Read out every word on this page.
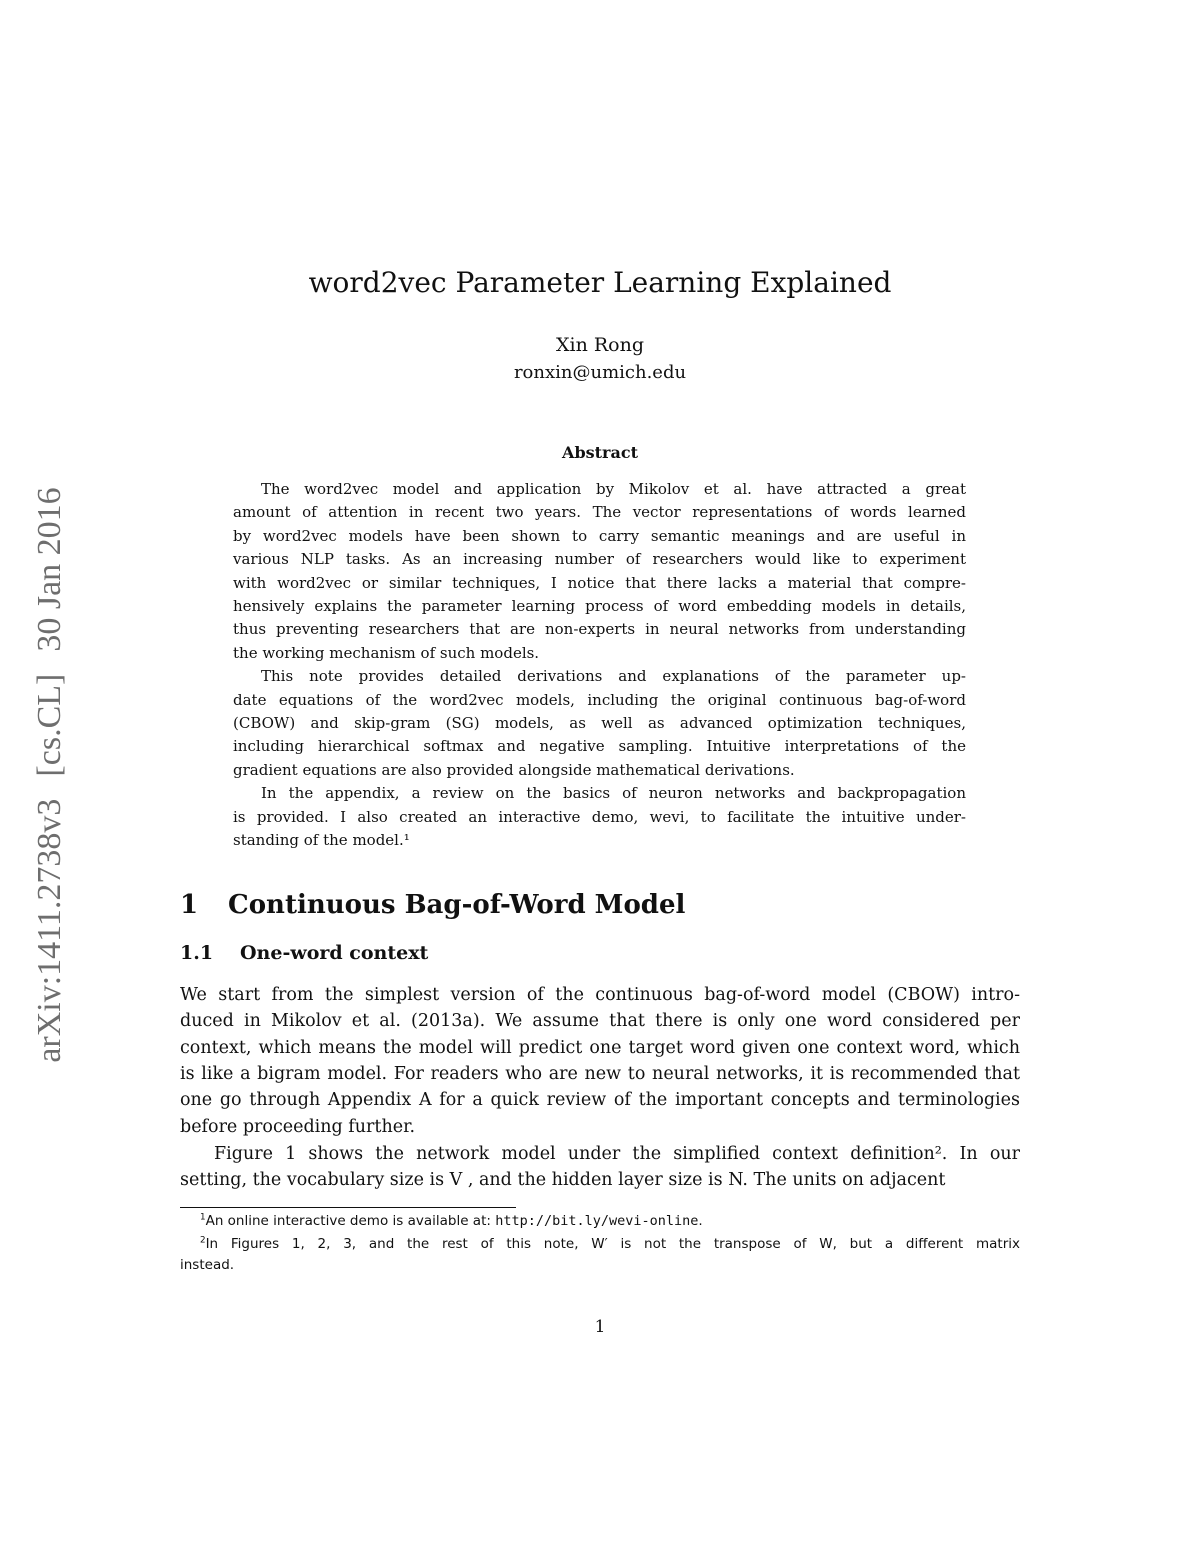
arXiv:1411.2738v3[cs.CL]30 Jan 2016
word2vec Parameter Learning Explained
Xin Rong
ronxin@umich.edu
Abstract
The word2vec model and application by Mikolov et al. have attracted a great
amount of attention in recent two years. The vector representations of words learned
by word2vec models have been shown to carry semantic meanings and are useful in
various NLP tasks. As an increasing number of researchers would like to experiment
with word2vec or similar techniques, I notice that there lacks a material that compre-
hensively explains the parameter learning process of word embedding models in details,
thus preventing researchers that are non-experts in neural networks from understanding
the working mechanism of such models.
This note provides detailed derivations and explanations of the parameter up-
date equations of the word2vec models, including the original continuous bag-of-word
(CBOW) and skip-gram (SG) models, as well as advanced optimization techniques,
including hierarchical softmax and negative sampling. Intuitive interpretations of the
gradient equations are also provided alongside mathematical derivations.
In the appendix, a review on the basics of neuron networks and backpropagation
is provided. I also created an interactive demo, wevi, to facilitate the intuitive under-
standing of the model.¹
1 Continuous Bag-of-Word Model
1.1 One-word context
We start from the simplest version of the continuous bag-of-word model (CBOW) intro-
duced in Mikolov et al. (2013a). We assume that there is only one word considered per
context, which means the model will predict one target word given one context word, which
is like a bigram model. For readers who are new to neural networks, it is recommended that
one go through Appendix A for a quick review of the important concepts and terminologies
before proceeding further.
Figure 1 shows the network model under the simplified context definition². In our
setting, the vocabulary size is V , and the hidden layer size is N. The units on adjacent
$^1$An online interactive demo is available at: http://bit.ly/wevi-online.
$^2$In Figures 1, 2, 3, and the rest of this note, W′ is not the transpose of W, but a different matrix
instead.
1
